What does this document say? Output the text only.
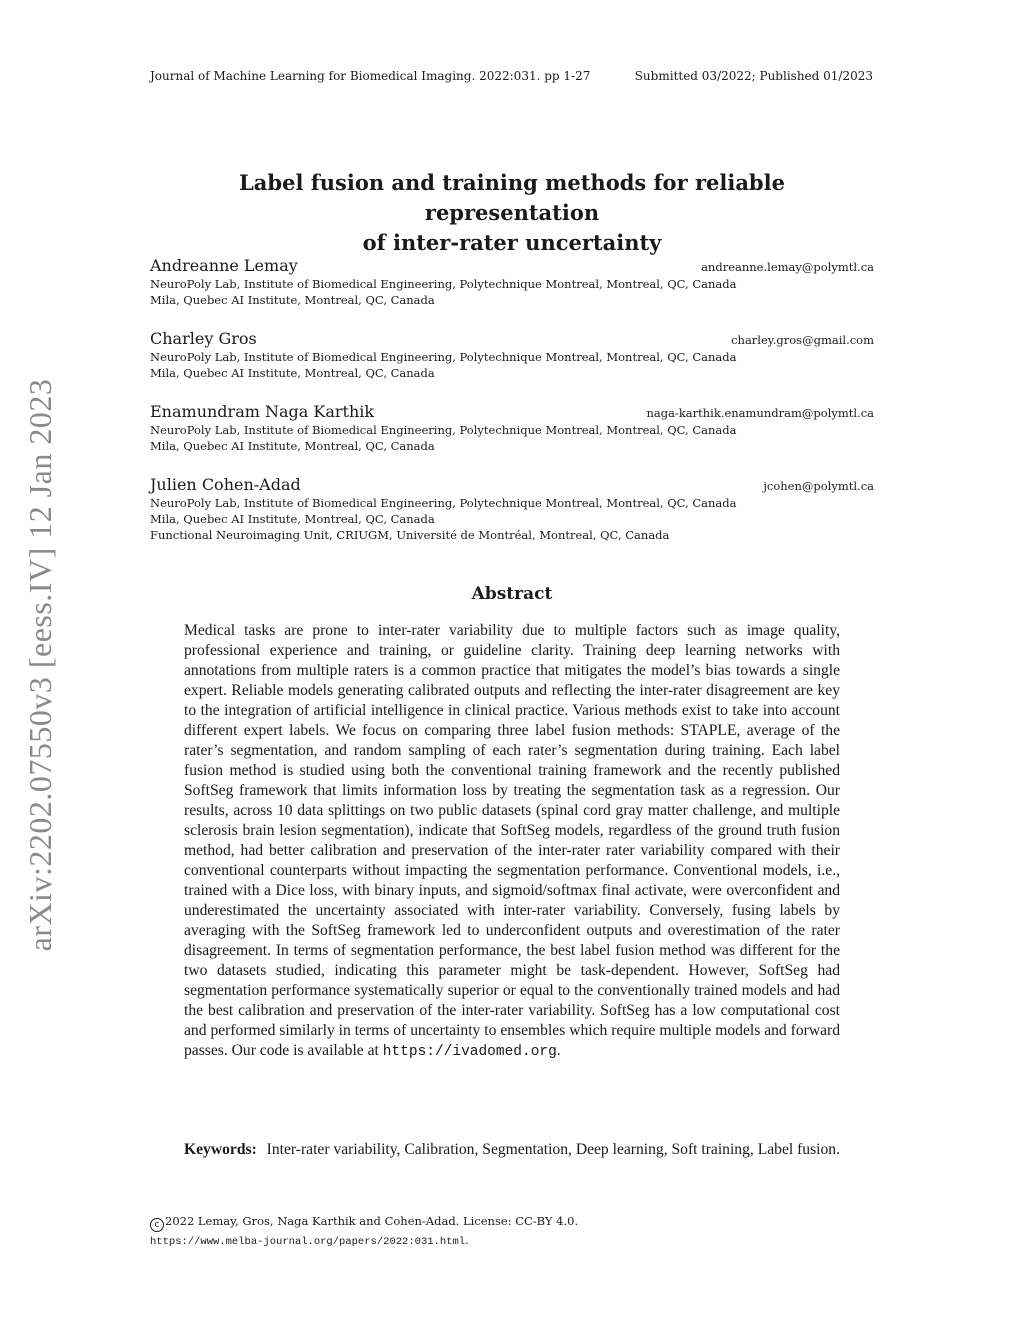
Journal of Machine Learning for Biomedical Imaging. 2022:031. pp 1-27	Submitted 03/2022; Published 01/2023
arXiv:2202.07550v3 [eess.IV] 12 Jan 2023
Label fusion and training methods for reliable representation
of inter-rater uncertainty
Andreanne Lemay	andreanne.lemay@polymtl.ca
NeuroPoly Lab, Institute of Biomedical Engineering, Polytechnique Montreal, Montreal, QC, Canada
Mila, Quebec AI Institute, Montreal, QC, Canada
Charley Gros	charley.gros@gmail.com
NeuroPoly Lab, Institute of Biomedical Engineering, Polytechnique Montreal, Montreal, QC, Canada
Mila, Quebec AI Institute, Montreal, QC, Canada
Enamundram Naga Karthik	naga-karthik.enamundram@polymtl.ca
NeuroPoly Lab, Institute of Biomedical Engineering, Polytechnique Montreal, Montreal, QC, Canada
Mila, Quebec AI Institute, Montreal, QC, Canada
Julien Cohen-Adad	jcohen@polymtl.ca
NeuroPoly Lab, Institute of Biomedical Engineering, Polytechnique Montreal, Montreal, QC, Canada
Mila, Quebec AI Institute, Montreal, QC, Canada
Functional Neuroimaging Unit, CRIUGM, Université de Montréal, Montreal, QC, Canada
Abstract
Medical tasks are prone to inter-rater variability due to multiple factors such as image quality, professional experience and training, or guideline clarity. Training deep learning networks with annotations from multiple raters is a common practice that mitigates the model’s bias towards a single expert. Reliable models generating calibrated outputs and reflecting the inter-rater disagreement are key to the integration of artificial intelligence in clinical practice. Various methods exist to take into account different expert labels. We focus on comparing three label fusion methods: STAPLE, average of the rater’s segmentation, and random sampling of each rater’s segmentation during training. Each label fusion method is studied using both the conventional training framework and the recently published SoftSeg framework that limits information loss by treating the segmentation task as a regression. Our results, across 10 data splittings on two public datasets (spinal cord gray matter challenge, and multiple sclerosis brain lesion segmentation), indicate that SoftSeg models, regardless of the ground truth fusion method, had better calibration and preservation of the inter-rater rater variability compared with their conventional counterparts without impacting the segmentation performance. Conventional models, i.e., trained with a Dice loss, with binary inputs, and sigmoid/softmax final activate, were overconfident and underestimated the uncertainty associated with inter-rater variability. Conversely, fusing labels by averaging with the SoftSeg framework led to underconfident outputs and overestimation of the rater disagreement. In terms of segmentation performance, the best label fusion method was different for the two datasets studied, indicating this parameter might be task-dependent. However, SoftSeg had segmentation performance systematically superior or equal to the conventionally trained models and had the best calibration and preservation of the inter-rater variability. SoftSeg has a low computational cost and performed similarly in terms of uncertainty to ensembles which require multiple models and forward passes. Our code is available at https://ivadomed.org.
Keywords: Inter-rater variability, Calibration, Segmentation, Deep learning, Soft training, Label fusion.
c 2022 Lemay, Gros, Naga Karthik and Cohen-Adad. License: CC-BY 4.0.
https://www.melba-journal.org/papers/2022:031.html.
